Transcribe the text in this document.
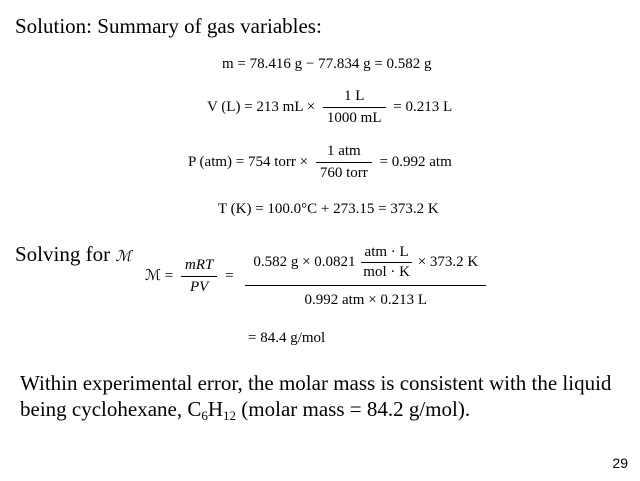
Solution: Summary of gas variables:
m = 78.416 g − 77.834 g = 0.582 g
V (L) = 213 mL × $\frac{1 L}{1000 mL} = 0.213$ L
P (atm) = 754 torr × $\frac{\text{1 atm}}{\text{760 torr}} = 0.992$ atm
T (K) = 100.0°C + 273.15 = 373.2 K
Solving for ℳ
ℳ = $\frac{\text{mRT}}{PV}$ =
0.582 $g \times 0.0821 \frac{\text{atm · L}}{\text{mol · K}} \times 373.2$ K
0.992 atm × 0.213 L
= 84.4 g/mol
Within experimental error, the molar mass is consistent with the liquid being cyclohexane, $C_6H_{12}$ (molar mass = 84.2 g/mol).
29
